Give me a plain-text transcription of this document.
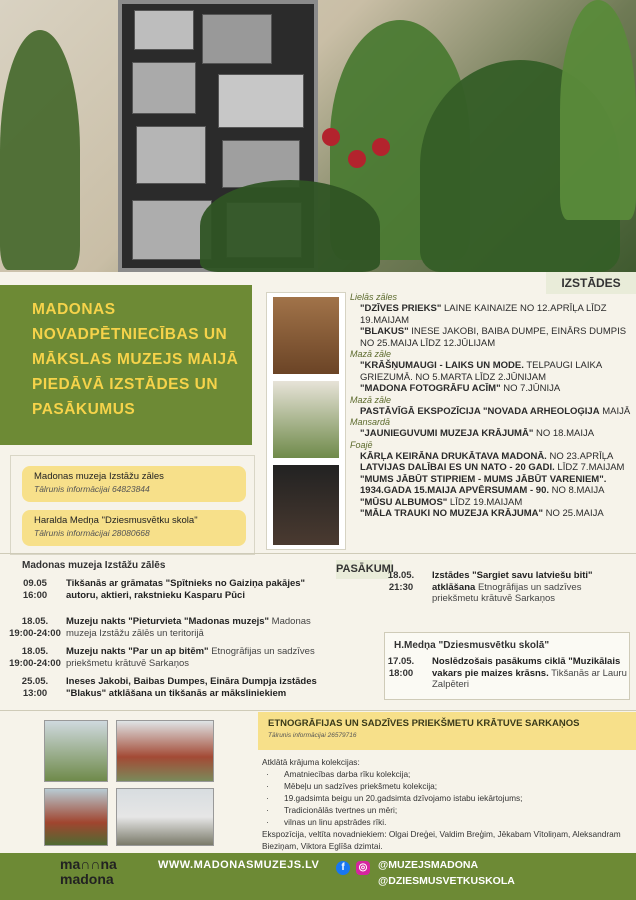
IZSTĀDES
MADONAS NOVADPĒTNIECĪBAS UN MĀKSLAS MUZEJS MAIJĀ PIEDĀVĀ IZSTĀDES UN PASĀKUMUS
Madonas muzeja Izstāžu zāles
Tālrunis informācijai 64823844
Haralda Medņa "Dziesmusvētku skola"
Tālrunis informācijai 28080668
Lielās zāles
"DZĪVES PRIEKS" LAINE KAINAIZE NO 12.APRĪĻA LĪDZ 19.MAIJAM
"BLAKUS" INESE JAKOBI, BAIBA DUMPE, EINĀRS DUMPIS NO 25.MAIJA LĪDZ 12.JŪLIJAM
Mazā zāle
"KRĀŠŅUMAUGI - LAIKS UN MODE. TELPAUGI LAIKA GRIEZUMĀ. NO 5.MARTA LĪDZ 2.JŪNIJAM
"MADONA FOTOGRĀFU ACĪM" NO 7.JŪNIJA
Mazā zāle
PASTĀVĪGĀ EKSPOZĪCIJA "NOVADA ARHEOLOĢIJA MAIJĀ
Mansardā
"JAUNIEGUVUMI MUZEJA KRĀJUMĀ" NO 18.MAIJA
Foajē
KĀRĻA KEIRĀNA DRUKĀTAVA MADONĀ. NO 23.APRĪĻA
LATVIJAS DALĪBAI ES UN NATO - 20 GADI. LĪDZ 7.MAIJAM
"MUMS JĀBŪT STIPRIEM - MUMS JĀBŪT VARENIEM".
1934.GADA 15.MAIJA APVĒRSUMAM - 90. NO 8.MAIJA
"MŪSU ALBUMOS" LĪDZ 19.MAIJAM
"MĀLA TRAUKI NO MUZEJA KRĀJUMA" NO 25.MAIJA
PASĀKUMI
Madonas muzeja Izstāžu zālēs
09.05
16:00
Tikšanās ar grāmatas "Spītnieks no Gaiziņa pakājes" autoru, aktieri, rakstnieku Kasparu Pūci
18.05.
19:00-24:00
Muzeju nakts "Pieturvieta "Madonas muzejs" Madonas muzeja Izstāžu zālēs un teritorijā
18.05.
19:00-24:00
Muzeju nakts "Par un ap bitēm" Etnogrāfijas un sadzīves priekšmetu krātuvē Sarkaņos
25.05.
13:00
Ineses Jakobi, Baibas Dumpes, Eināra Dumpja izstādes "Blakus" atklāšana un tikšanās ar māksliniekiem
18.05.
21:30
Izstādes "Sargiet savu latviešu biti" atklāšana Etnogrāfijas un sadzīves priekšmetu krātuvē Sarkaņos
H.Medņa "Dziesmusvētku skolā"
17.05.
18:00
Noslēdzošais pasākums ciklā "Muzikālais vakars pie maizes krāsns. Tikšanās ar Lauru Zalpēteri
ETNOGRĀFIJAS UN SADZĪVES PRIEKŠMETU KRĀTUVE SARKAŅOS
Tālrunis informācijai 26579716
Atklātā krājuma kolekcijas:
· Amatniecības darba rīku kolekcija;
· Mēbeļu un sadzīves priekšmetu kolekcija;
· 19.gadsimta beigu un 20.gadsimta dzīvojamo istabu iekārtojums;
· Tradicionālās tvertnes un mēri;
· vilnas un linu apstrādes rīki.
Ekspozīcija, veltīta novadniekiem: Olgai Dreģei, Valdim Breģim, Jēkabam Vītoliņam, Aleksandram Bieziņam, Viktora Eglīša dzimtai.
ma∩∩na
madona
WWW.MADONASMUZEJS.LV	f	◎ @MUZEJSMADONA
@DZIESMUSVETKUSKOLA
